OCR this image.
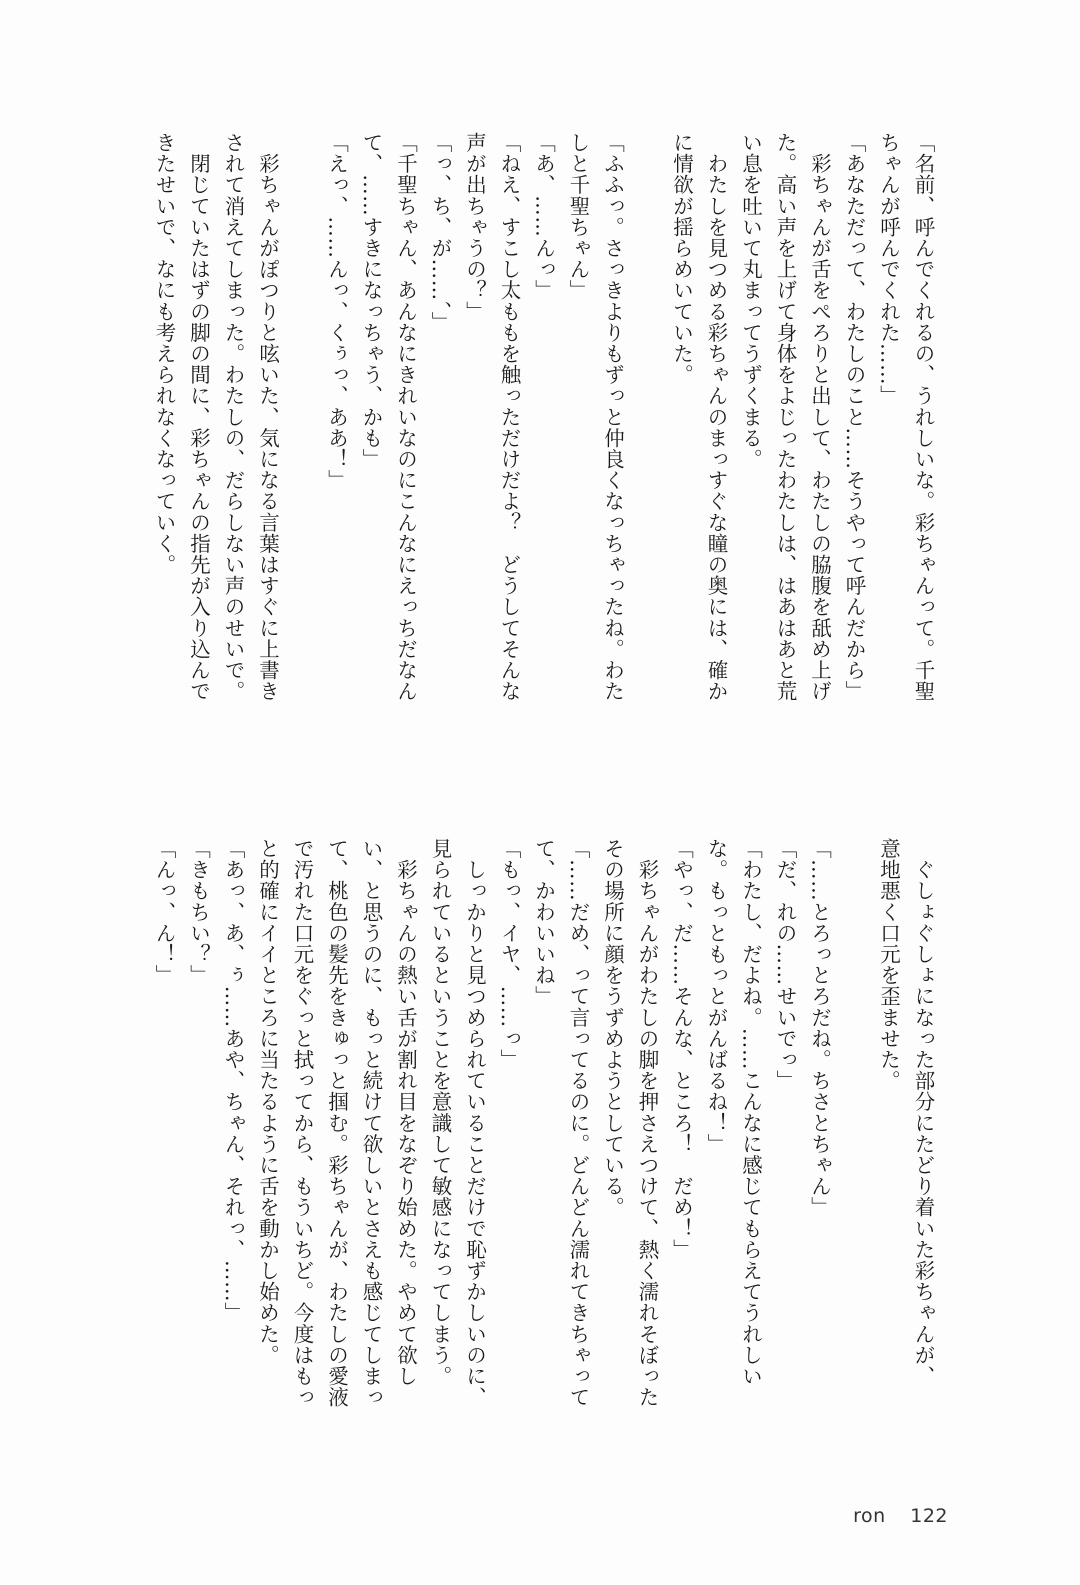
「名前、呼んでくれるの、うれしいな。彩ちゃんって。千聖
ちゃんが呼んでくれた……」
「あなただって、わたしのこと……そうやって呼んだから」
　彩ちゃんが舌をぺろりと出して、わたしの脇腹を舐め上げ
た。高い声を上げて身体をよじったわたしは、はあはあと荒
い息を吐いて丸まってうずくまる。
　わたしを見つめる彩ちゃんのまっすぐな瞳の奥には、確か
に情欲が揺らめいていた。

「ふふっ。さっきよりもずっと仲良くなっちゃったね。わた
しと千聖ちゃん」
「あ、……んっ」
「ねえ、すこし太ももを触っただけだよ？　どうしてそんな
声が出ちゃうの？」
「っ、ち、が……、」
「千聖ちゃん、あんなにきれいなのにこんなにえっちだなん
て、……すきになっちゃう、かも」
「えっ、……んっ、くぅっ、ああ！」

　彩ちゃんがぽつりと呟いた、気になる言葉はすぐに上書き
されて消えてしまった。わたしの、だらしない声のせいで。
　閉じていたはずの脚の間に、彩ちゃんの指先が入り込んで
きたせいで、なにも考えられなくなっていく。
　ぐしょぐしょになった部分にたどり着いた彩ちゃんが、
意地悪く口元を歪ませた。

「……とろっとろだね。ちさとちゃん」
「だ、れの……せいでっ」
「わたし、だよね。……こんなに感じてもらえてうれしい
な。もっともっとがんばるね！」
「やっ、だ……そんな、ところ！　だめ！」
　彩ちゃんがわたしの脚を押さえつけて、熱く濡れそぼった
その場所に顔をうずめようとしている。
「……だめ、って言ってるのに。どんどん濡れてきちゃって
て、かわいいね」
「もっ、イヤ、……っ」
　しっかりと見つめられていることだけで恥ずかしいのに、
見られているということを意識して敏感になってしまう。
　彩ちゃんの熱い舌が割れ目をなぞり始めた。やめて欲し
い、と思うのに、もっと続けて欲しいとさえも感じてしまっ
て、桃色の髪先をきゅっと掴む。彩ちゃんが、わたしの愛液
で汚れた口元をぐっと拭ってから、もういちど。今度はもっ
と的確にイイところに当たるように舌を動かし始めた。
「あっ、あ、ぅ……あや、ちゃん、それっ、……」
「きもちい？」
「んっ、ん！」
ron 122
